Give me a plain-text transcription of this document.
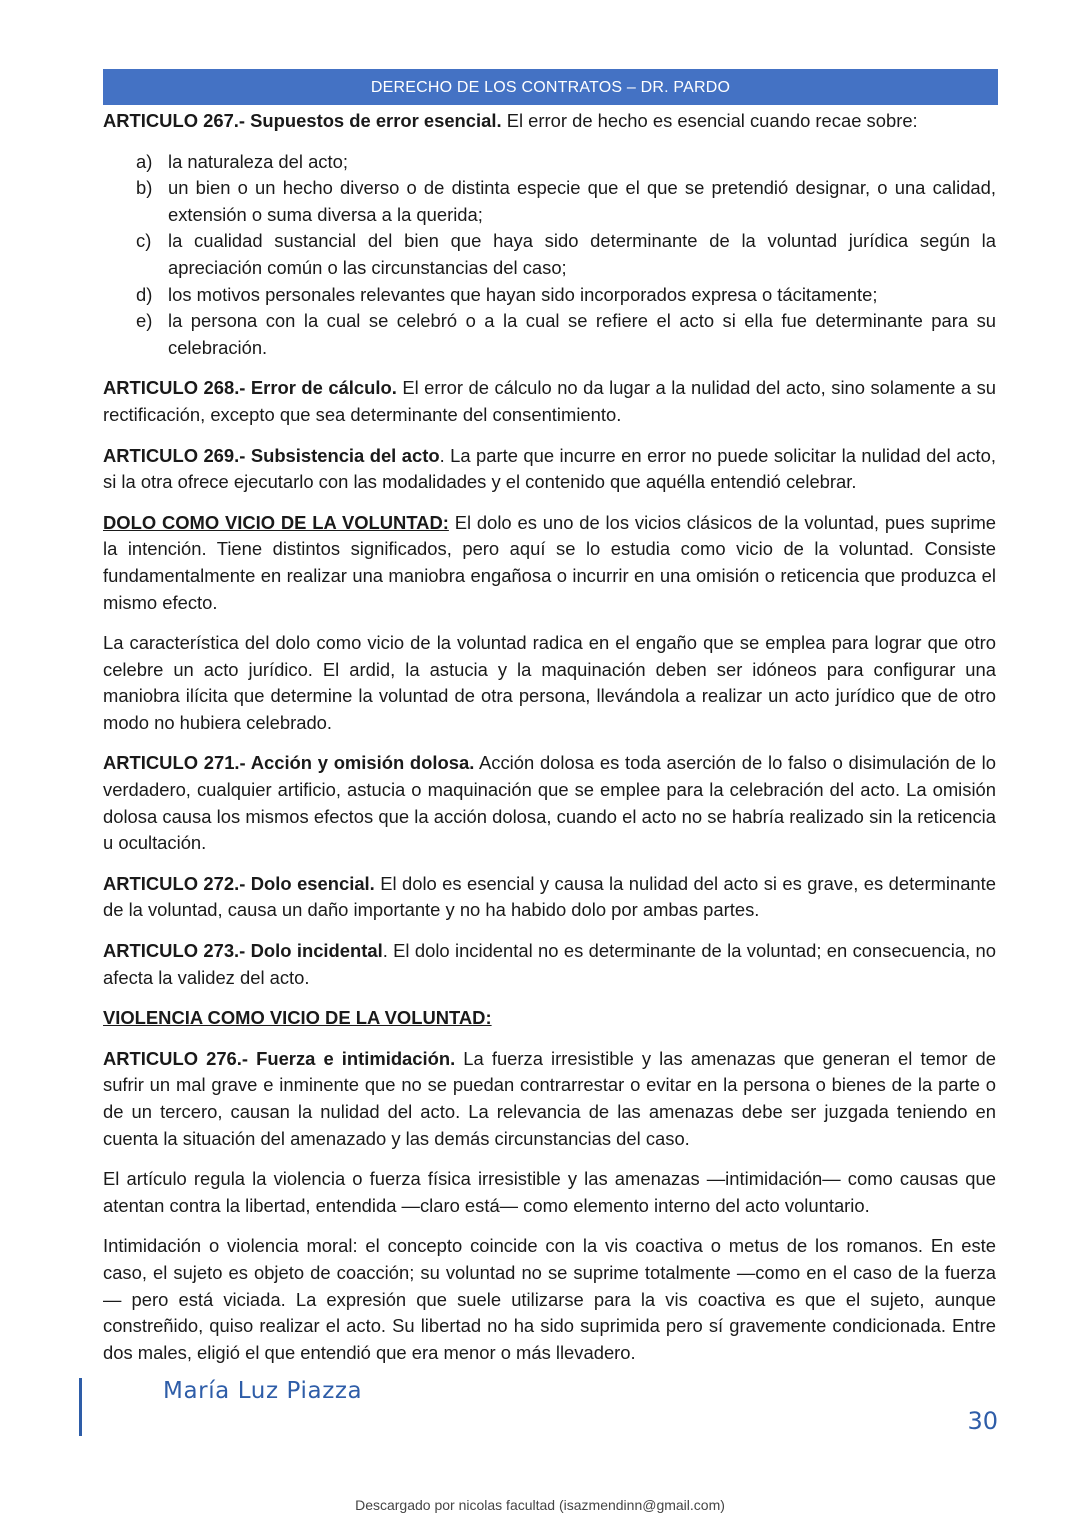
DERECHO DE LOS CONTRATOS – DR. PARDO

ARTICULO 267.- Supuestos de error esencial. El error de hecho es esencial cuando recae sobre:

a) la naturaleza del acto;
b) un bien o un hecho diverso o de distinta especie que el que se pretendió designar, o una calidad, extensión o suma diversa a la querida;
c) la cualidad sustancial del bien que haya sido determinante de la voluntad jurídica según la apreciación común o las circunstancias del caso;
d) los motivos personales relevantes que hayan sido incorporados expresa o tácitamente;
e) la persona con la cual se celebró o a la cual se refiere el acto si ella fue determinante para su celebración.

ARTICULO 268.- Error de cálculo. El error de cálculo no da lugar a la nulidad del acto, sino solamente a su rectificación, excepto que sea determinante del consentimiento.

ARTICULO 269.- Subsistencia del acto. La parte que incurre en error no puede solicitar la nulidad del acto, si la otra ofrece ejecutarlo con las modalidades y el contenido que aquélla entendió celebrar.

DOLO COMO VICIO DE LA VOLUNTAD: El dolo es uno de los vicios clásicos de la voluntad, pues suprime la intención. Tiene distintos significados, pero aquí se lo estudia como vicio de la voluntad. Consiste fundamentalmente en realizar una maniobra engañosa o incurrir en una omisión o reticencia que produzca el mismo efecto.

La característica del dolo como vicio de la voluntad radica en el engaño que se emplea para lograr que otro celebre un acto jurídico. El ardid, la astucia y la maquinación deben ser idóneos para configurar una maniobra ilícita que determine la voluntad de otra persona, llevándola a realizar un acto jurídico que de otro modo no hubiera celebrado.

ARTICULO 271.- Acción y omisión dolosa. Acción dolosa es toda aserción de lo falso o disimulación de lo verdadero, cualquier artificio, astucia o maquinación que se emplee para la celebración del acto. La omisión dolosa causa los mismos efectos que la acción dolosa, cuando el acto no se habría realizado sin la reticencia u ocultación.

ARTICULO 272.- Dolo esencial. El dolo es esencial y causa la nulidad del acto si es grave, es determinante de la voluntad, causa un daño importante y no ha habido dolo por ambas partes.

ARTICULO 273.- Dolo incidental. El dolo incidental no es determinante de la voluntad; en consecuencia, no afecta la validez del acto.

VIOLENCIA COMO VICIO DE LA VOLUNTAD:

ARTICULO 276.- Fuerza e intimidación. La fuerza irresistible y las amenazas que generan el temor de sufrir un mal grave e inminente que no se puedan contrarrestar o evitar en la persona o bienes de la parte o de un tercero, causan la nulidad del acto. La relevancia de las amenazas debe ser juzgada teniendo en cuenta la situación del amenazado y las demás circunstancias del caso.

El artículo regula la violencia o fuerza física irresistible y las amenazas —intimidación— como causas que atentan contra la libertad, entendida —claro está— como elemento interno del acto voluntario.

Intimidación o violencia moral: el concepto coincide con la vis coactiva o metus de los romanos. En este caso, el sujeto es objeto de coacción; su voluntad no se suprime totalmente —como en el caso de la fuerza— pero está viciada. La expresión que suele utilizarse para la vis coactiva es que el sujeto, aunque constreñido, quiso realizar el acto. Su libertad no ha sido suprimida pero sí gravemente condicionada. Entre dos males, eligió el que entendió que era menor o más llevadero.

María Luz Piazza
30
Descargado por nicolas facultad (isazmendinn@gmail.com)
